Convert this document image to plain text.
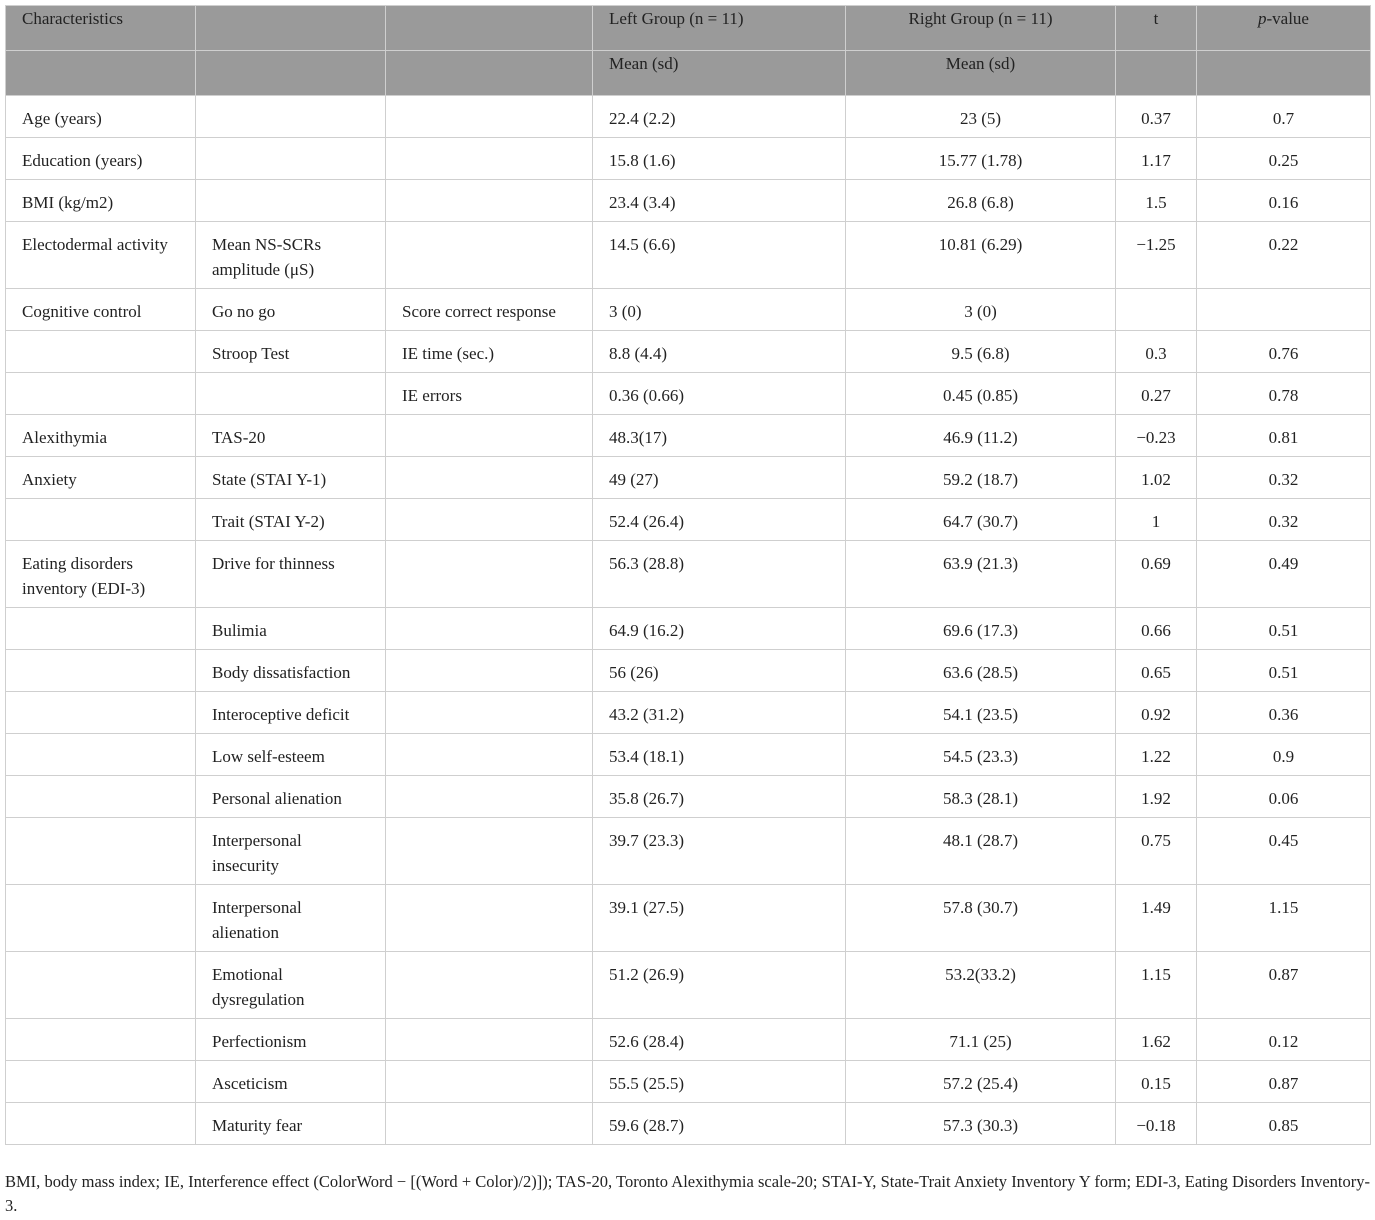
Characteristics			Left Group (n = 11)	Right Group (n = 11)	t	p-value
			Mean (sd)	Mean (sd)		
Age (years)			22.4 (2.2)	23 (5)	0.37	0.7
Education (years)			15.8 (1.6)	15.77 (1.78)	1.17	0.25
BMI (kg/m2)			23.4 (3.4)	26.8 (6.8)	1.5	0.16
Electodermal activity	Mean NS-SCRs amplitude (μS)		14.5 (6.6)	10.81 (6.29)	−1.25	0.22
Cognitive control	Go no go	Score correct response	3 (0)	3 (0)		
	Stroop Test	IE time (sec.)	8.8 (4.4)	9.5 (6.8)	0.3	0.76
		IE errors	0.36 (0.66)	0.45 (0.85)	0.27	0.78
Alexithymia	TAS-20		48.3(17)	46.9 (11.2)	−0.23	0.81
Anxiety	State (STAI Y-1)		49 (27)	59.2 (18.7)	1.02	0.32
	Trait (STAI Y-2)		52.4 (26.4)	64.7 (30.7)	1	0.32
Eating disorders inventory (EDI-3)	Drive for thinness		56.3 (28.8)	63.9 (21.3)	0.69	0.49
	Bulimia		64.9 (16.2)	69.6 (17.3)	0.66	0.51
	Body dissatisfaction		56 (26)	63.6 (28.5)	0.65	0.51
	Interoceptive deficit		43.2 (31.2)	54.1 (23.5)	0.92	0.36
	Low self-esteem		53.4 (18.1)	54.5 (23.3)	1.22	0.9
	Personal alienation		35.8 (26.7)	58.3 (28.1)	1.92	0.06
	Interpersonal insecurity		39.7 (23.3)	48.1 (28.7)	0.75	0.45
	Interpersonal alienation		39.1 (27.5)	57.8 (30.7)	1.49	1.15
	Emotional dysregulation		51.2 (26.9)	53.2(33.2)	1.15	0.87
	Perfectionism		52.6 (28.4)	71.1 (25)	1.62	0.12
	Asceticism		55.5 (25.5)	57.2 (25.4)	0.15	0.87
	Maturity fear		59.6 (28.7)	57.3 (30.3)	−0.18	0.85
BMI, body mass index; IE, Interference effect (ColorWord − [(Word + Color)/2)]); TAS-20, Toronto Alexithymia scale-20; STAI-Y, State-Trait Anxiety Inventory Y form; EDI-3, Eating Disorders Inventory-3.
